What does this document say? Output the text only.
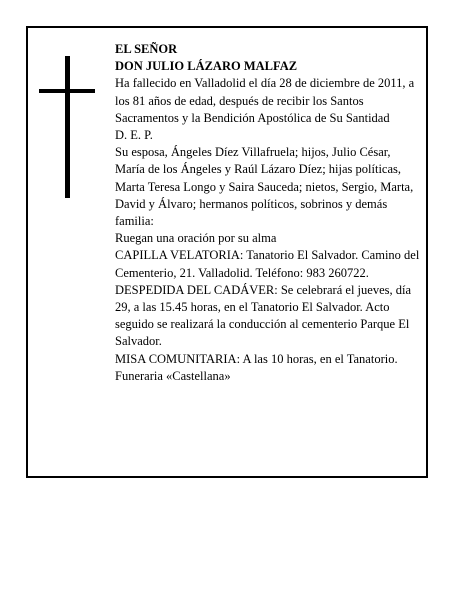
EL SEÑOR

DON JULIO LÁZARO MALFAZ

Ha fallecido en Valladolid el día 28 de diciembre de 2011, a los 81 años de edad, después de recibir los Santos Sacramentos y la Bendición Apostólica de Su Santidad

D. E. P.

Su esposa, Ángeles Díez Villafruela; hijos, Julio César, María de los Ángeles y Raúl Lázaro Díez; hijas políticas, Marta Teresa Longo y Saira Sauceda; nietos, Sergio, Marta, David y Álvaro; hermanos políticos, sobrinos y demás familia:

Ruegan una oración por su alma

CAPILLA VELATORIA: Tanatorio El Salvador. Camino del Cementerio, 21. Valladolid. Teléfono: 983 260722.

DESPEDIDA DEL CADÁVER: Se celebrará el jueves, día 29, a las 15.45 horas, en el Tanatorio El Salvador. Acto seguido se realizará la conducción al cementerio Parque El Salvador.

MISA COMUNITARIA: A las 10 horas, en el Tanatorio.

Funeraria «Castellana»
